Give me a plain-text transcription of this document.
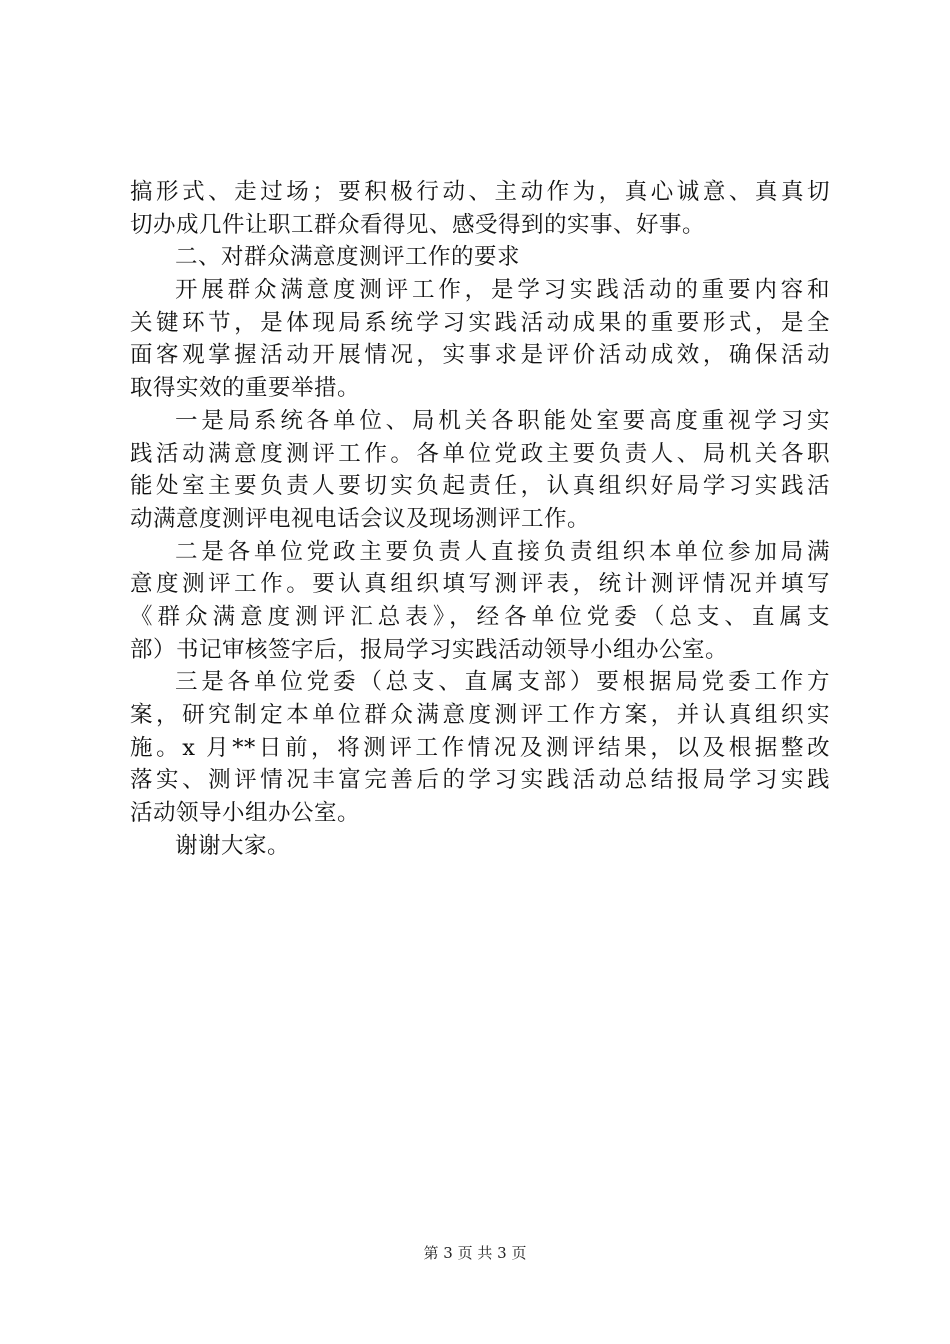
搞形式、走过场；要积极行动、主动作为，真心诚意、真真切
切办成几件让职工群众看得见、感受得到的实事、好事。
二、对群众满意度测评工作的要求
开展群众满意度测评工作，是学习实践活动的重要内容和
关键环节，是体现局系统学习实践活动成果的重要形式，是全
面客观掌握活动开展情况，实事求是评价活动成效，确保活动
取得实效的重要举措。
一是局系统各单位、局机关各职能处室要高度重视学习实
践活动满意度测评工作。各单位党政主要负责人、局机关各职
能处室主要负责人要切实负起责任，认真组织好局学习实践活
动满意度测评电视电话会议及现场测评工作。
二是各单位党政主要负责人直接负责组织本单位参加局满
意度测评工作。要认真组织填写测评表，统计测评情况并填写
《群众满意度测评汇总表》，经各单位党委（总支、直属支
部）书记审核签字后，报局学习实践活动领导小组办公室。
三是各单位党委（总支、直属支部）要根据局党委工作方
案，研究制定本单位群众满意度测评工作方案，并认真组织实
施。x 月**日前，将测评工作情况及测评结果，以及根据整改
落实、测评情况丰富完善后的学习实践活动总结报局学习实践
活动领导小组办公室。
谢谢大家。
第 3 页 共 3 页
